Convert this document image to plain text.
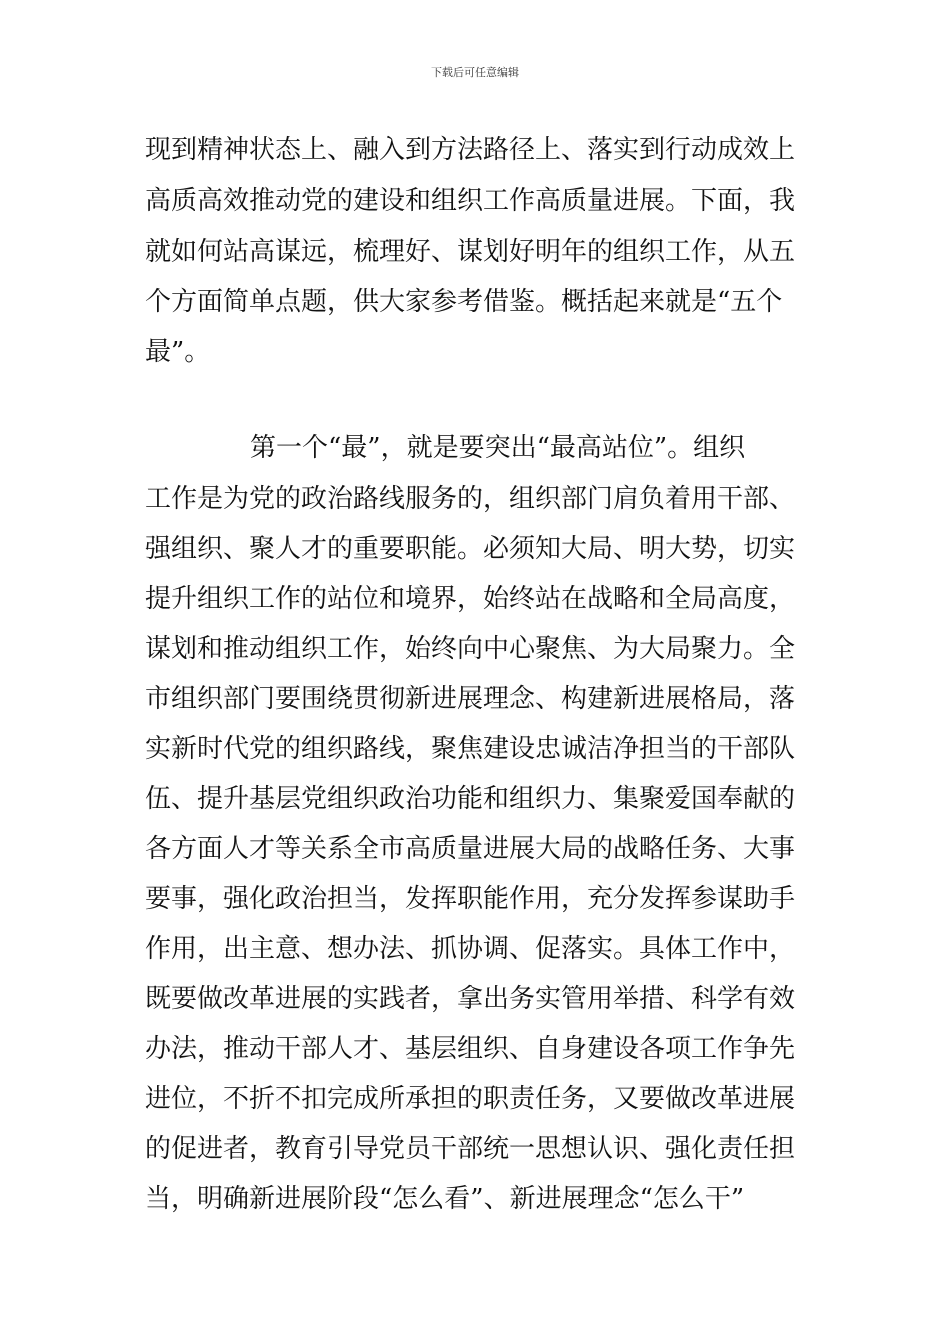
下载后可任意编辑
现到精神状态上、融入到方法路径上、落实到行动成效上
高质高效推动党的建设和组织工作高质量进展。下面，我
就如何站高谋远，梳理好、谋划好明年的组织工作，从五
个方面简单点题，供大家参考借鉴。概括起来就是“五个
最”。
第一个“最”，就是要突出“最高站位”。组织
工作是为党的政治路线服务的，组织部门肩负着用干部、
强组织、聚人才的重要职能。必须知大局、明大势，切实
提升组织工作的站位和境界，始终站在战略和全局高度，
谋划和推动组织工作，始终向中心聚焦、为大局聚力。全
市组织部门要围绕贯彻新进展理念、构建新进展格局，落
实新时代党的组织路线，聚焦建设忠诚洁净担当的干部队
伍、提升基层党组织政治功能和组织力、集聚爱国奉献的
各方面人才等关系全市高质量进展大局的战略任务、大事
要事，强化政治担当，发挥职能作用，充分发挥参谋助手
作用，出主意、想办法、抓协调、促落实。具体工作中，
既要做改革进展的实践者，拿出务实管用举措、科学有效
办法，推动干部人才、基层组织、自身建设各项工作争先
进位，不折不扣完成所承担的职责任务，又要做改革进展
的促进者，教育引导党员干部统一思想认识、强化责任担
当，明确新进展阶段“怎么看”、新进展理念“怎么干”
